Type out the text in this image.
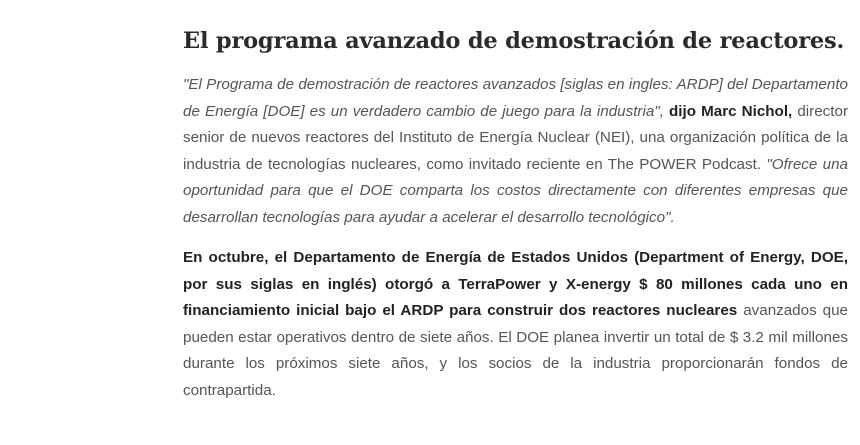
El programa avanzado de demostración de reactores.

"El Programa de demostración de reactores avanzados [siglas en ingles: ARDP] del Departamento de Energía [DOE] es un verdadero cambio de juego para la industria", dijo Marc Nichol, director senior de nuevos reactores del Instituto de Energía Nuclear (NEI), una organización política de la industria de tecnologías nucleares, como invitado reciente en The POWER Podcast. "Ofrece una oportunidad para que el DOE comparta los costos directamente con diferentes empresas que desarrollan tecnologías para ayudar a acelerar el desarrollo tecnológico".

En octubre, el Departamento de Energía de Estados Unidos (Department of Energy, DOE, por sus siglas en inglés) otorgó a TerraPower y X-energy $ 80 millones cada uno en financiamiento inicial bajo el ARDP para construir dos reactores nucleares avanzados que pueden estar operativos dentro de siete años. El DOE planea invertir un total de $ 3.2 mil millones durante los próximos siete años, y los socios de la industria proporcionarán fondos de contrapartida.
